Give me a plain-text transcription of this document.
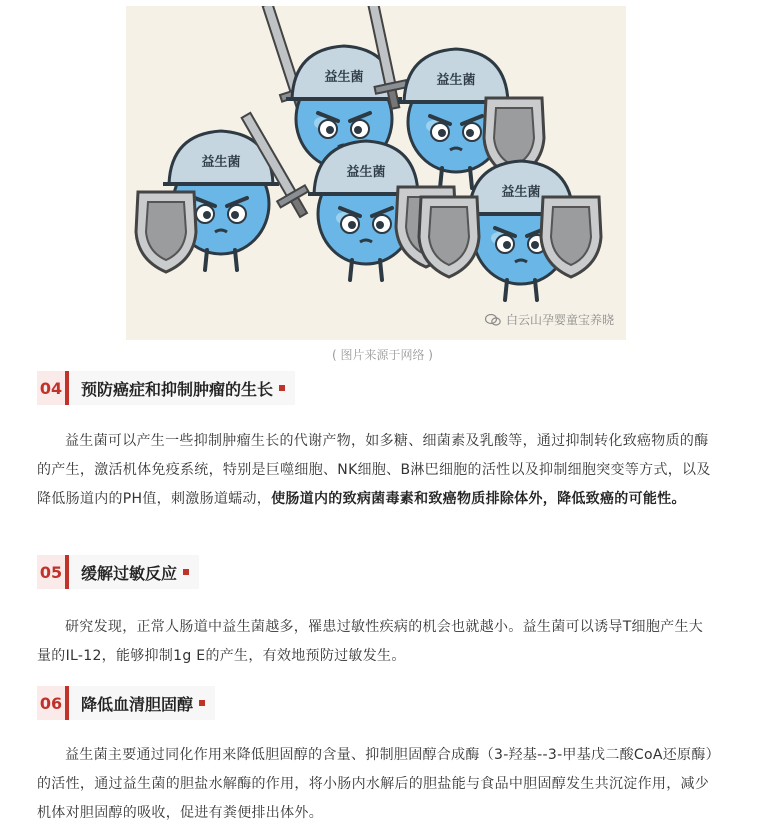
益生菌	益生菌
益生菌
益生菌
益生菌
白云山孕婴童宝养晓
( 图片来源于网络 )
04 预防癌症和抑制肿瘤的生长
益生菌可以产生一些抑制肿瘤生长的代谢产物，如多糖、细菌素及乳酸等，通过抑制转化致癌物质的酶的产生，激活机体免疫系统，特别是巨噬细胞、NK细胞、B淋巴细胞的活性以及抑制细胞突变等方式，以及降低肠道内的PH值，刺激肠道蠕动，使肠道内的致病菌毒素和致癌物质排除体外，降低致癌的可能性。
05 缓解过敏反应
研究发现，正常人肠道中益生菌越多，罹患过敏性疾病的机会也就越小。益生菌可以诱导T细胞产生大量的IL-12，能够抑制1g E的产生，有效地预防过敏发生。
06 降低血清胆固醇
益生菌主要通过同化作用来降低胆固醇的含量、抑制胆固醇合成酶（3-羟基--3-甲基戊二酸CoA还原酶）的活性，通过益生菌的胆盐水解酶的作用，将小肠内水解后的胆盐能与食品中胆固醇发生共沉淀作用，减少机体对胆固醇的吸收，促进有粪便排出体外。
